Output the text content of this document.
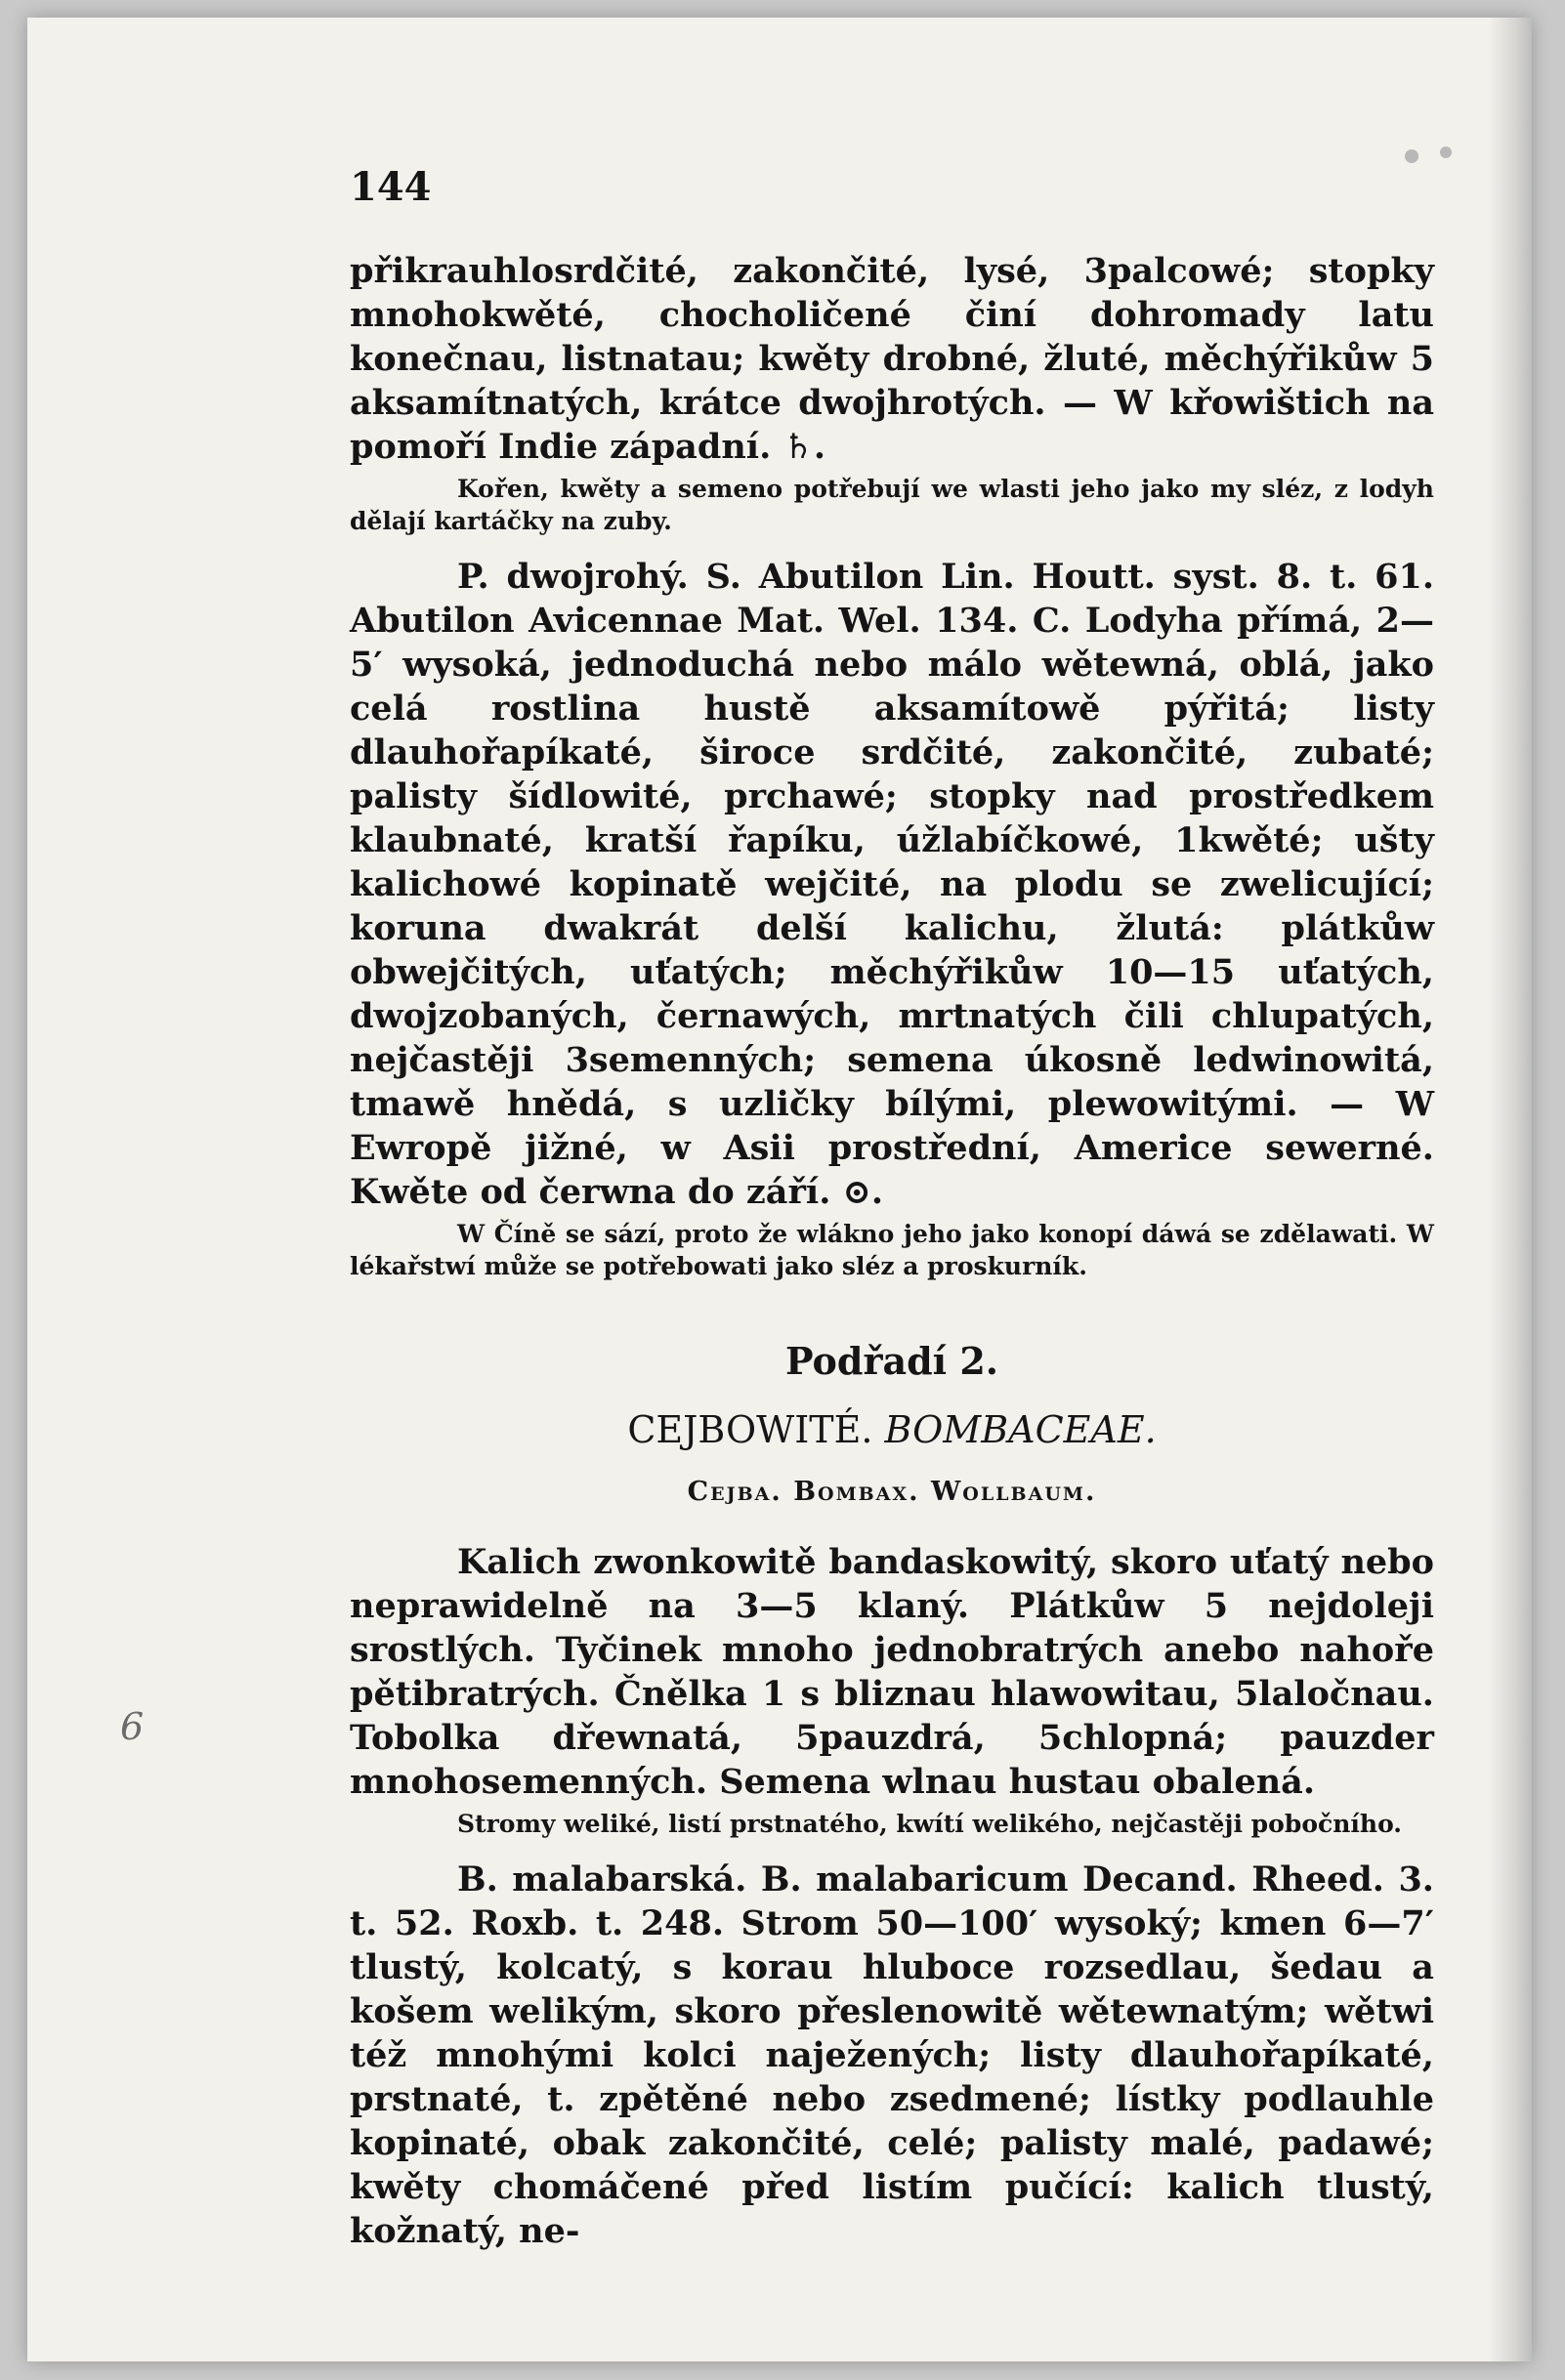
6
144

přikrauhlosrdčité, zakončité, lysé, 3palcowé; stopky mnohokwěté, chocholičené činí dohromady latu konečnau, listnatau; kwěty drobné, žluté, měchýřikůw 5 aksamítnatých, krátce dwojhrotých. — W křowištich na pomoří Indie západní. ♄.

Kořen, kwěty a semeno potřebují we wlasti jeho jako my sléz, z lodyh dělají kartáčky na zuby.

P. dwojrohý. S. Abutilon Lin. Houtt. syst. 8. t. 61. Abutilon Avicennae Mat. Wel. 134. C. Lodyha přímá, 2—5′ wysoká, jednoduchá nebo málo wětewná, oblá, jako celá rostlina hustě aksamítowě pýřitá; listy dlauhořapíkaté, široce srdčité, zakončité, zubaté; palisty šídlowité, prchawé; stopky nad prostředkem klaubnaté, kratší řapíku, úžlabíčkowé, 1kwěté; ušty kalichowé kopinatě wejčité, na plodu se zwelicující; koruna dwakrát delší kalichu, žlutá: plátkůw obwejčitých, uťatých; měchýřikůw 10—15 uťatých, dwojzobaných, černawých, mrtnatých čili chlupatých, nejčastěji 3semenných; semena úkosně ledwinowitá, tmawě hnědá, s uzličky bílými, plewowitými. — W Ewropě jižné, w Asii prostřední, Americe sewerné. Kwěte od čerwna do září. ⊙.

W Číně se sází, proto že wlákno jeho jako konopí dáwá se zdělawati. W lékařstwí může se potřebowati jako sléz a proskurník.

Podřadí 2.
CEJBOWITÉ. BOMBACEAE.
Cejba. Bombax. Wollbaum.

Kalich zwonkowitě bandaskowitý, skoro uťatý nebo neprawidelně na 3—5 klaný. Plátkůw 5 nejdoleji srostlých. Tyčinek mnoho jednobratrých anebo nahoře pětibratrých. Čnělka 1 s bliznau hlawowitau, 5laločnau. Tobolka dřewnatá, 5pauzdrá, 5chlopná; pauzder mnohosemenných. Semena wlnau hustau obalená.

Stromy weliké, listí prstnatého, kwítí welikého, nejčastěji pobočního.

B. malabarská. B. malabaricum Decand. Rheed. 3. t. 52. Roxb. t. 248. Strom 50—100′ wysoký; kmen 6—7′ tlustý, kolcatý, s korau hluboce rozsedlau, šedau a košem welikým, skoro přeslenowitě wětewnatým; wětwi též mnohými kolci naježených; listy dlauhořapíkaté, prstnaté, t. zpětěné nebo zsedmené; lístky podlauhle kopinaté, obak zakončité, celé; palisty malé, padawé; kwěty chomáčené před listím pučící: kalich tlustý, kožnatý, ne-
